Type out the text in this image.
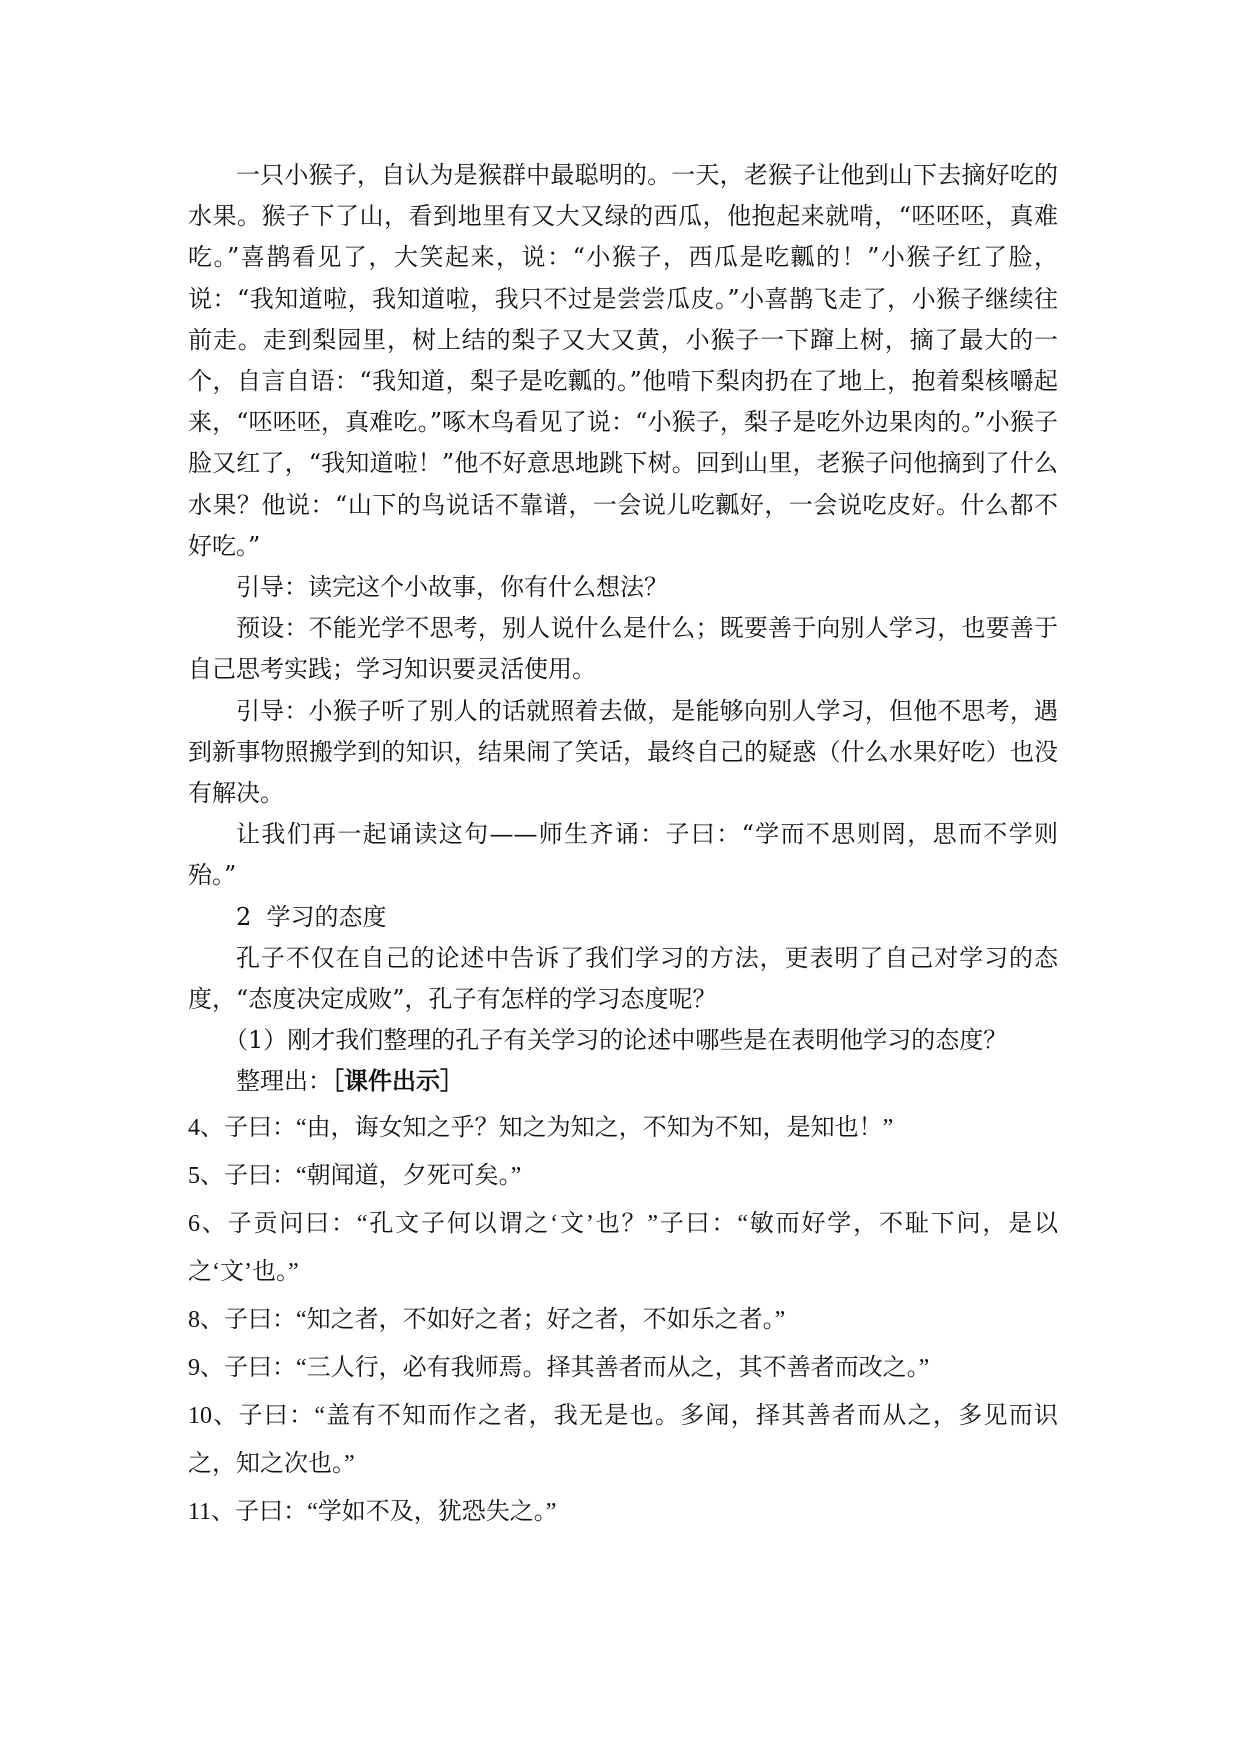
一只小猴子，自认为是猴群中最聪明的。一天，老猴子让他到山下去摘好吃的水果。猴子下了山，看到地里有又大又绿的西瓜，他抱起来就啃，“呸呸呸，真难吃。”喜鹊看见了，大笑起来，说：“小猴子，西瓜是吃瓤的！”小猴子红了脸，说：“我知道啦，我知道啦，我只不过是尝尝瓜皮。”小喜鹊飞走了，小猴子继续往前走。走到梨园里，树上结的梨子又大又黄，小猴子一下蹿上树，摘了最大的一个，自言自语：“我知道，梨子是吃瓤的。”他啃下梨肉扔在了地上，抱着梨核嚼起来，“呸呸呸，真难吃。”啄木鸟看见了说：“小猴子，梨子是吃外边果肉的。”小猴子脸又红了，“我知道啦！”他不好意思地跳下树。回到山里，老猴子问他摘到了什么水果？他说：“山下的鸟说话不靠谱，一会说儿吃瓤好，一会说吃皮好。什么都不好吃。”

引导：读完这个小故事，你有什么想法？

预设：不能光学不思考，别人说什么是什么；既要善于向别人学习，也要善于自己思考实践；学习知识要灵活使用。

引导：小猴子听了别人的话就照着去做，是能够向别人学习，但他不思考，遇到新事物照搬学到的知识，结果闹了笑话，最终自己的疑惑（什么水果好吃）也没有解决。

让我们再一起诵读这句——师生齐诵：子曰：“学而不思则罔，思而不学则殆。”

2  学习的态度

孔子不仅在自己的论述中告诉了我们学习的方法，更表明了自己对学习的态度，“态度决定成败”，孔子有怎样的学习态度呢？

（1）刚才我们整理的孔子有关学习的论述中哪些是在表明他学习的态度？

整理出：［课件出示］

4、子曰：“由，诲女知之乎？知之为知之，不知为不知，是知也！”

5、子曰：“朝闻道，夕死可矣。”

6、子贡问曰：“孔文子何以谓之‘文’也？”子曰：“敏而好学，不耻下问，是以之‘文’也。”

8、子曰：“知之者，不如好之者；好之者，不如乐之者。”

9、子曰：“三人行，必有我师焉。择其善者而从之，其不善者而改之。”

10、子曰：“盖有不知而作之者，我无是也。多闻，择其善者而从之，多见而识之，知之次也。”

11、子曰：“学如不及，犹恐失之。”
